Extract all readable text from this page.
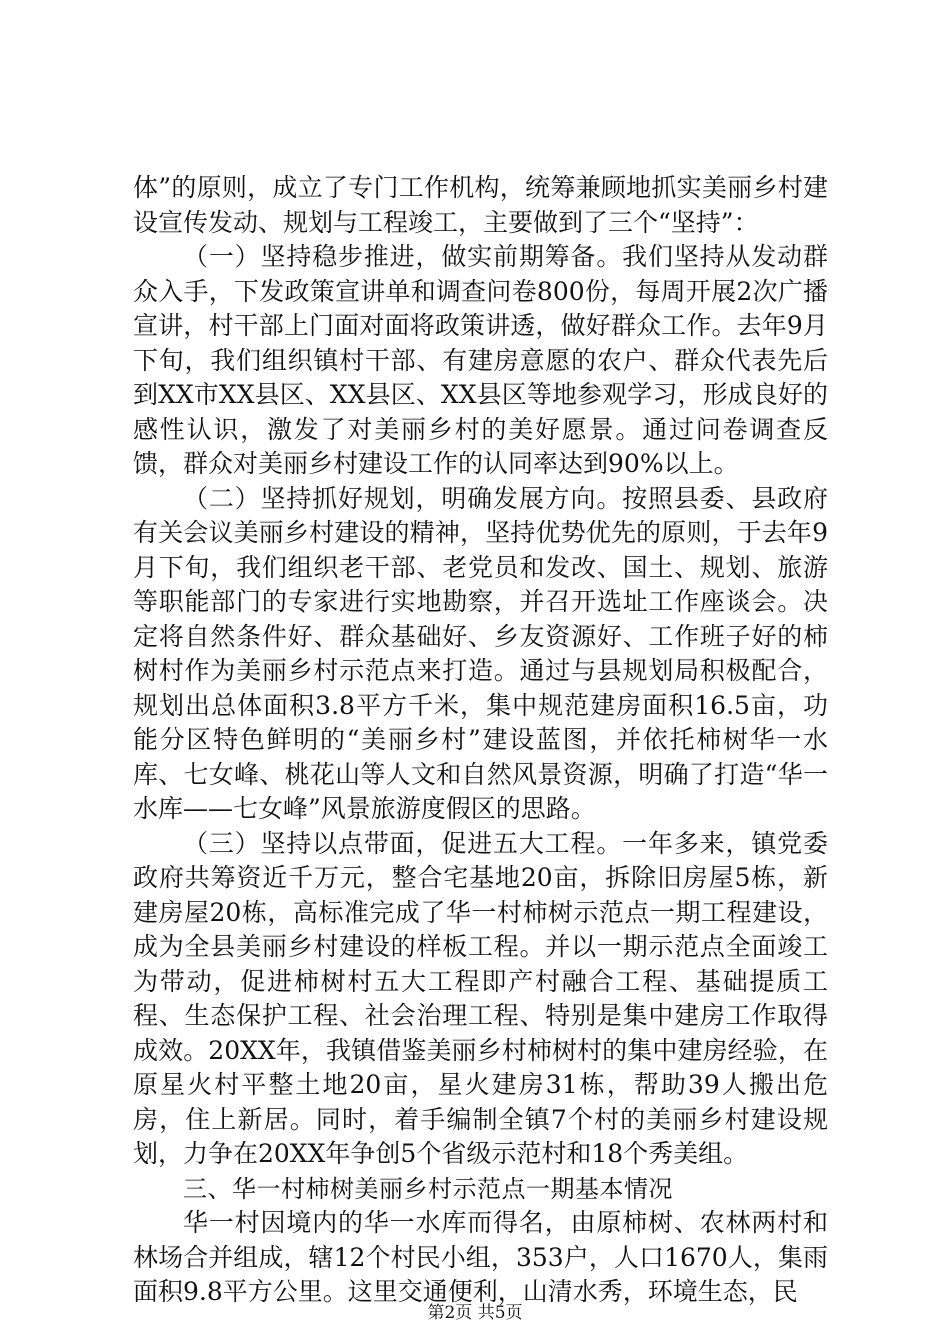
体”的原则，成立了专门工作机构，统筹兼顾地抓实美丽乡村建设宣传发动、规划与工程竣工，主要做到了三个“坚持”：

（一）坚持稳步推进，做实前期筹备。我们坚持从发动群众入手，下发政策宣讲单和调查问卷800份，每周开展2次广播宣讲，村干部上门面对面将政策讲透，做好群众工作。去年9月下旬，我们组织镇村干部、有建房意愿的农户、群众代表先后到XX市XX县区、XX县区、XX县区等地参观学习，形成良好的感性认识，激发了对美丽乡村的美好愿景。通过问卷调查反馈，群众对美丽乡村建设工作的认同率达到90%以上。

（二）坚持抓好规划，明确发展方向。按照县委、县政府有关会议美丽乡村建设的精神，坚持优势优先的原则，于去年9月下旬，我们组织老干部、老党员和发改、国土、规划、旅游等职能部门的专家进行实地勘察，并召开选址工作座谈会。决定将自然条件好、群众基础好、乡友资源好、工作班子好的柿树村作为美丽乡村示范点来打造。通过与县规划局积极配合，规划出总体面积3.8平方千米，集中规范建房面积16.5亩，功能分区特色鲜明的“美丽乡村”建设蓝图，并依托柿树华一水库、七女峰、桃花山等人文和自然风景资源，明确了打造“华一水库——七女峰”风景旅游度假区的思路。

（三）坚持以点带面，促进五大工程。一年多来，镇党委政府共筹资近千万元，整合宅基地20亩，拆除旧房屋5栋，新建房屋20栋，高标准完成了华一村柿树示范点一期工程建设，成为全县美丽乡村建设的样板工程。并以一期示范点全面竣工为带动，促进柿树村五大工程即产村融合工程、基础提质工程、生态保护工程、社会治理工程、特别是集中建房工作取得成效。20XX年，我镇借鉴美丽乡村柿树村的集中建房经验，在原星火村平整土地20亩，星火建房31栋，帮助39人搬出危房，住上新居。同时，着手编制全镇7个村的美丽乡村建设规划，力争在20XX年争创5个省级示范村和18个秀美组。

三、华一村柿树美丽乡村示范点一期基本情况

华一村因境内的华一水库而得名，由原柿树、农林两村和林场合并组成，辖12个村民小组，353户，人口1670人，集雨面积9.8平方公里。这里交通便利，山清水秀，环境生态，民

第2页 共5页
